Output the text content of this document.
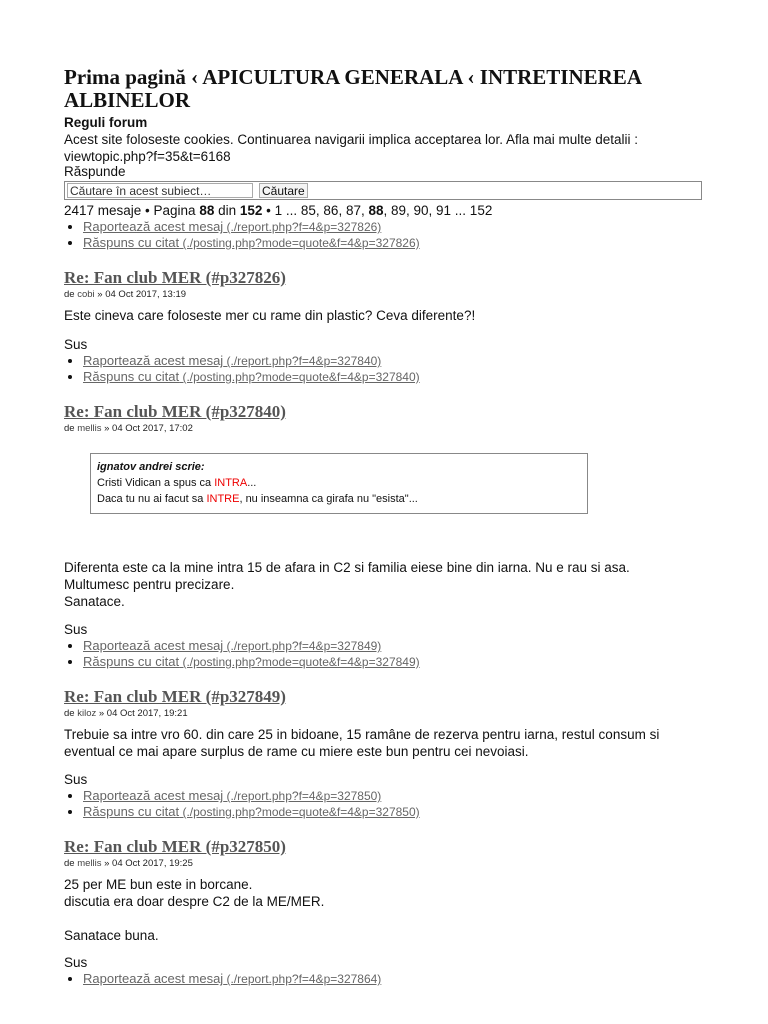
Prima pagină ‹ APICULTURA GENERALA ‹ INTRETINEREA ALBINELOR
Reguli forum
Acest site foloseste cookies. Continuarea navigarii implica acceptarea lor. Afla mai multe detalii :
viewtopic.php?f=35&t=6168
Răspunde
Căutare în acest subiect…
Căutare
2417 mesaje • Pagina 88 din 152 • 1 ... 85, 86, 87, 88, 89, 90, 91 ... 152
• Raportează acest mesaj (./report.php?f=4&p=327826)
• Răspuns cu citat (./posting.php?mode=quote&f=4&p=327826)
Re: Fan club MER (#p327826)
de cobi » 04 Oct 2017, 13:19
Este cineva care foloseste mer cu rame din plastic? Ceva diferente?!
Sus
• Raportează acest mesaj (./report.php?f=4&p=327840)
• Răspuns cu citat (./posting.php?mode=quote&f=4&p=327840)
Re: Fan club MER (#p327840)
de mellis » 04 Oct 2017, 17:02
ignatov andrei scrie:
Cristi Vidican a spus ca INTRA...
Daca tu nu ai facut sa INTRE, nu inseamna ca girafa nu "esista"...
Diferenta este ca la mine intra 15 de afara in C2 si familia eiese bine din iarna. Nu e rau si asa.
Multumesc pentru precizare.
Sanatace.
Sus
• Raportează acest mesaj (./report.php?f=4&p=327849)
• Răspuns cu citat (./posting.php?mode=quote&f=4&p=327849)
Re: Fan club MER (#p327849)
de kiloz » 04 Oct 2017, 19:21
Trebuie sa intre vro 60. din care 25 in bidoane, 15 ramâne de rezerva pentru iarna, restul consum si
eventual ce mai apare surplus de rame cu miere este bun pentru cei nevoiasi.
Sus
• Raportează acest mesaj (./report.php?f=4&p=327850)
• Răspuns cu citat (./posting.php?mode=quote&f=4&p=327850)
Re: Fan club MER (#p327850)
de mellis » 04 Oct 2017, 19:25
25 per ME bun este in borcane.
discutia era doar despre C2 de la ME/MER.
Sanatace buna.
Sus
• Raportează acest mesaj (./report.php?f=4&p=327864)
